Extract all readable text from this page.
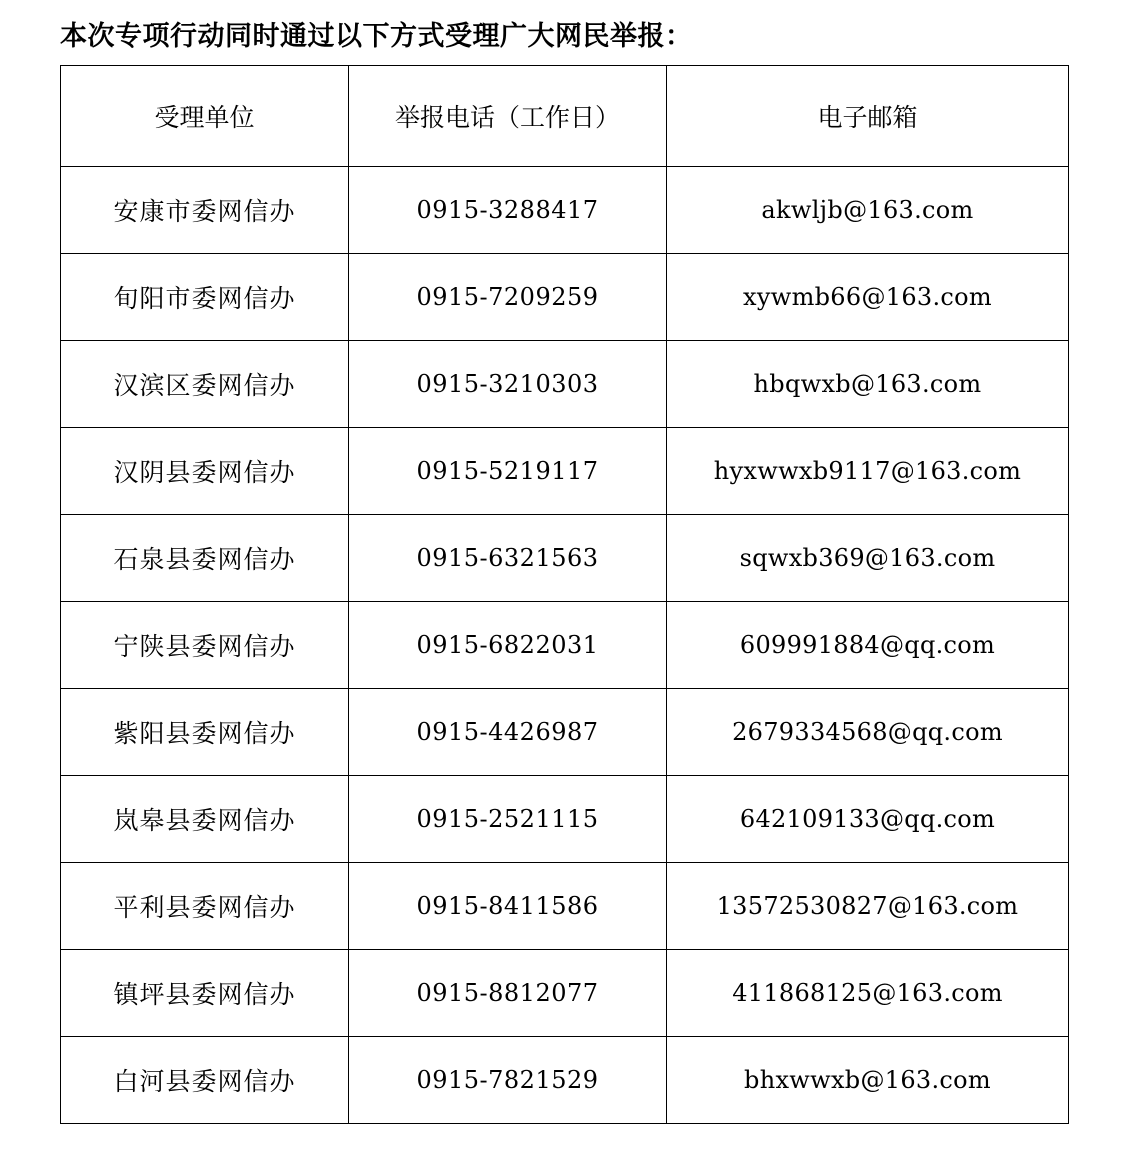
本次专项行动同时通过以下方式受理广大网民举报：
受理单位	举报电话（工作日）	电子邮箱
安康市委网信办	0915-3288417	akwljb@163.com
旬阳市委网信办	0915-7209259	xywmb66@163.com
汉滨区委网信办	0915-3210303	hbqwxb@163.com
汉阴县委网信办	0915-5219117	hyxwwxb9117@163.com
石泉县委网信办	0915-6321563	sqwxb369@163.com
宁陕县委网信办	0915-6822031	609991884@qq.com
紫阳县委网信办	0915-4426987	2679334568@qq.com
岚皋县委网信办	0915-2521115	642109133@qq.com
平利县委网信办	0915-8411586	13572530827@163.com
镇坪县委网信办	0915-8812077	411868125@163.com
白河县委网信办	0915-7821529	bhxwwxb@163.com
